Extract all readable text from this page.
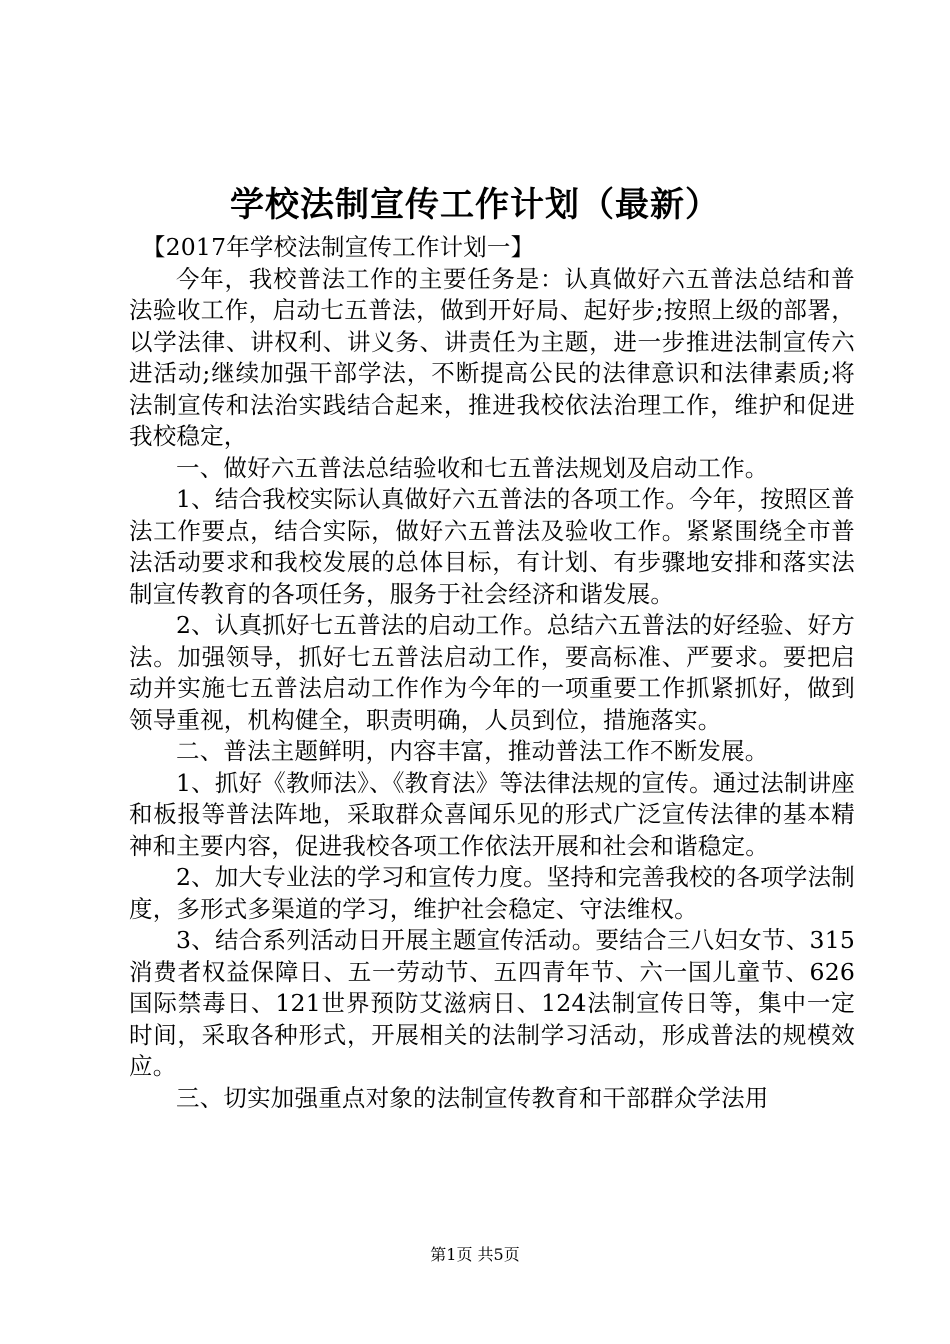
学校法制宣传工作计划（最新）

【2017年学校法制宣传工作计划一】

今年，我校普法工作的主要任务是：认真做好六五普法总结和普法验收工作，启动七五普法，做到开好局、起好步;按照上级的部署，以学法律、讲权利、讲义务、讲责任为主题，进一步推进法制宣传六进活动;继续加强干部学法，不断提高公民的法律意识和法律素质;将法制宣传和法治实践结合起来，推进我校依法治理工作，维护和促进我校稳定，

一、做好六五普法总结验收和七五普法规划及启动工作。

1、结合我校实际认真做好六五普法的各项工作。今年，按照区普法工作要点，结合实际，做好六五普法及验收工作。紧紧围绕全市普法活动要求和我校发展的总体目标，有计划、有步骤地安排和落实法制宣传教育的各项任务，服务于社会经济和谐发展。

2、认真抓好七五普法的启动工作。总结六五普法的好经验、好方法。加强领导，抓好七五普法启动工作，要高标准、严要求。要把启动并实施七五普法启动工作作为今年的一项重要工作抓紧抓好，做到领导重视，机构健全，职责明确，人员到位，措施落实。

二、普法主题鲜明，内容丰富，推动普法工作不断发展。

1、抓好《教师法》、《教育法》等法律法规的宣传。通过法制讲座和板报等普法阵地，采取群众喜闻乐见的形式广泛宣传法律的基本精神和主要内容，促进我校各项工作依法开展和社会和谐稳定。

2、加大专业法的学习和宣传力度。坚持和完善我校的各项学法制度，多形式多渠道的学习，维护社会稳定、守法维权。

3、结合系列活动日开展主题宣传活动。要结合三八妇女节、315消费者权益保障日、五一劳动节、五四青年节、六一国儿童节、626国际禁毒日、121世界预防艾滋病日、124法制宣传日等，集中一定时间，采取各种形式，开展相关的法制学习活动，形成普法的规模效应。

三、切实加强重点对象的法制宣传教育和干部群众学法用

第1页 共5页
